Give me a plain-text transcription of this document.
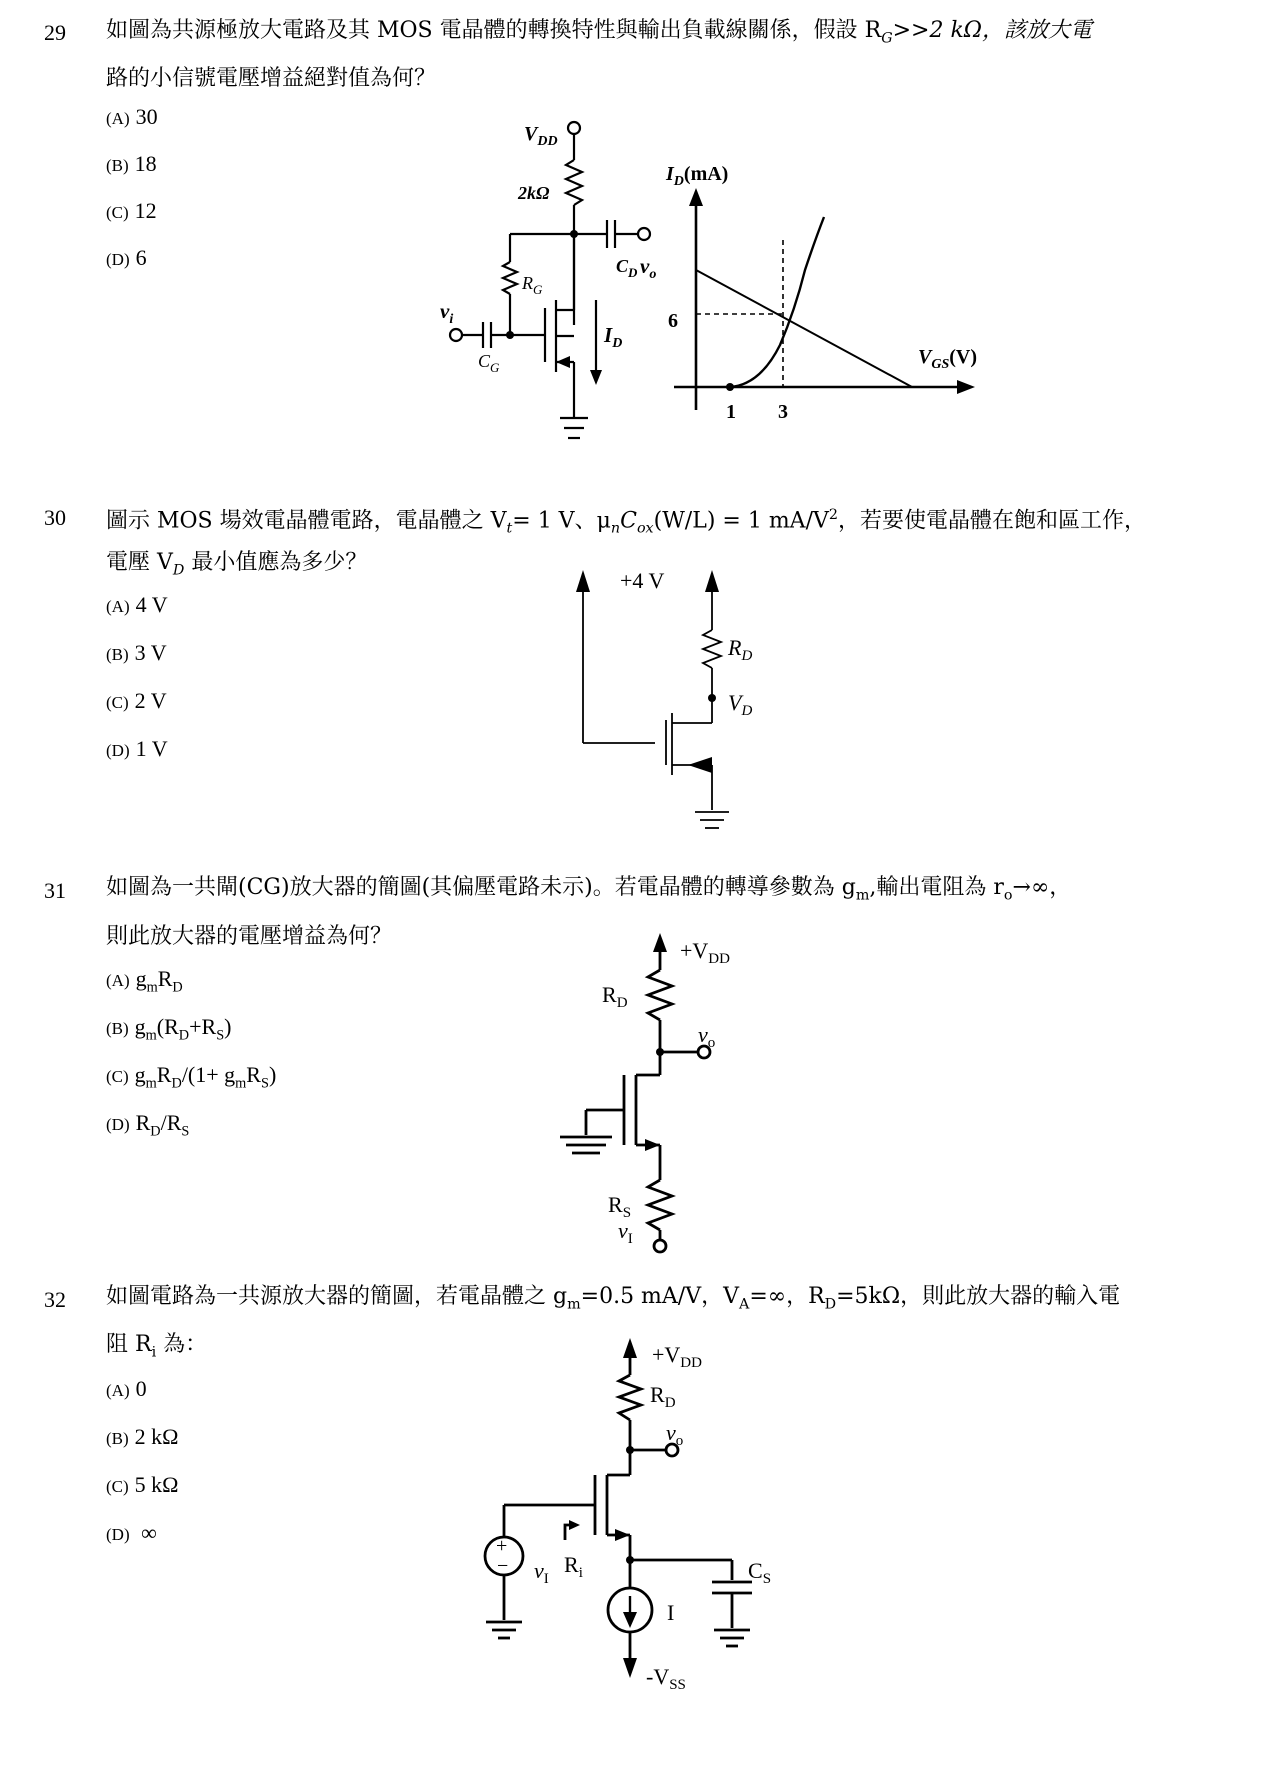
29 如圖為共源極放大電路及其 MOS 電晶體的轉換特性與輸出負載線關係，假設 $R_G>>2$ kΩ，該放大電
路的小信號電壓增益絕對值為何？
(A) 30
(B) 18
(C) 12
(D) 6
$V_{DD}$
2kΩ
$R_G$
$C_D$ $v_o$
$v_i$
$C_G$
$I_D$
$I_D(mA)$
$V_{GS}(V)$
6
1 3
30 圖示 MOS 場效電晶體電路，電晶體之 $V_t= 1$ V、$\mu_nC_{ox}(W/L) = 1$ $mA/V^2$，若要使電晶體在飽和區工作，
電壓 $V_D$ 最小值應為多少？
(A) 4 V
(B) 3 V
(C) 2 V
(D) 1 V
+4 V
$R_D$
$V_D$
31 如圖為一共閘(CG)放大器的簡圖(其偏壓電路未示)。若電晶體的轉導參數為 $g_m$,輸出電阻為 $r_o\to\infty$，
則此放大器的電壓增益為何？
(A) $g_mR_D$
(B) $g_m(R_D+R_S)$
(C) $g_mR_D/(1+ g_mR_S)$
(D) $R_D/R_S$
$+V_{DD}$
$R_D$
$v_o$
$R_S$
$v_I$
32 如圖電路為一共源放大器的簡圖，若電晶體之 $g_m=0.5$ mA/V，$V_A=\infty$，$R_D=5k\Omega$，則此放大器的輸入電
阻 $R_i$ 為：
(A) 0
(B) 2 kΩ
(C) 5 kΩ
(D) ∞
+
−
$+V_{DD}$
$R_D$
$v_o$
$v_I$
$R_i$	$C_S$
I
$-V_{SS}$
